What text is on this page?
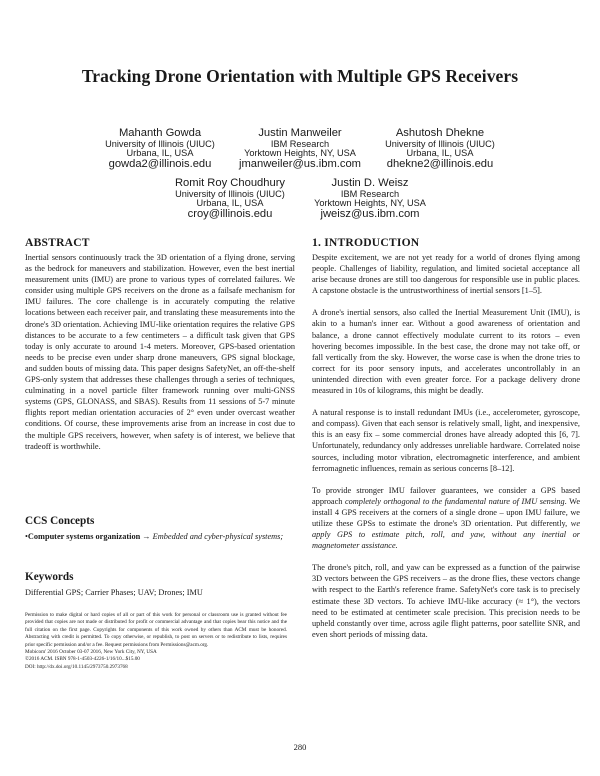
Tracking Drone Orientation with Multiple GPS Receivers
Mahanth Gowda
University of Illinois (UIUC)
Urbana, IL, USA
gowda2@illinois.edu
Justin Manweiler
IBM Research
Yorktown Heights, NY, USA
jmanweiler@us.ibm.com
Ashutosh Dhekne
University of Illinois (UIUC)
Urbana, IL, USA
dhekne2@illinois.edu
Romit Roy Choudhury
University of Illinois (UIUC)
Urbana, IL, USA
croy@illinois.edu
Justin D. Weisz
IBM Research
Yorktown Heights, NY, USA
jweisz@us.ibm.com
ABSTRACT

Inertial sensors continuously track the 3D orientation of a flying drone, serving as the bedrock for maneuvers and stabilization. However, even the best inertial measurement units (IMU) are prone to various types of correlated failures. We consider using multiple GPS receivers on the drone as a failsafe mechanism for IMU failures. The core challenge is in accurately computing the relative locations between each receiver pair, and translating these measurements into the drone's 3D orientation. Achieving IMU-like orientation requires the relative GPS distances to be accurate to a few centimeters – a difficult task given that GPS today is only accurate to around 1-4 meters. Moreover, GPS-based orientation needs to be precise even under sharp drone maneuvers, GPS signal blockage, and sudden bouts of missing data. This paper designs SafetyNet, an off-the-shelf GPS-only system that addresses these challenges through a series of techniques, culminating in a novel particle filter framework running over multi-GNSS systems (GPS, GLONASS, and SBAS). Results from 11 sessions of 5-7 minute flights report median orientation accuracies of 2° even under overcast weather conditions. Of course, these improvements arise from an increase in cost due to the multiple GPS receivers, however, when safety is of interest, we believe that tradeoff is worthwhile.

CCS Concepts

•Computer systems organization → Embedded and cyber-physical systems;

Keywords

Differential GPS; Carrier Phases; UAV; Drones; IMU

Permission to make digital or hard copies of all or part of this work for personal or classroom use is granted without fee provided that copies are not made or distributed for profit or commercial advantage and that copies bear this notice and the full citation on the first page. Copyrights for components of this work owned by others than ACM must be honored. Abstracting with credit is permitted. To copy otherwise, or republish, to post on servers or to redistribute to lists, requires prior specific permission and/or a fee. Request permissions from Permissions@acm.org.

Mobicom' 2016 October 03-07 2016, New York City, NY, USA

©2016 ACM. ISBN 978-1-4503-4226-1/16/10...$15.00

DOI: http://dx.doi.org/10.1145/2973750.2973768

1. INTRODUCTION

Despite excitement, we are not yet ready for a world of drones flying among people. Challenges of liability, regulation, and limited societal acceptance all arise because drones are still too dangerous for responsible use in public places. A capstone obstacle is the untrustworthiness of inertial sensors [1–5].

A drone's inertial sensors, also called the Inertial Measurement Unit (IMU), is akin to a human's inner ear. Without a good awareness of orientation and balance, a drone cannot effectively modulate current to its rotors – even hovering becomes impossible. In the best case, the drone may not take off, or fall vertically from the sky. However, the worse case is when the drone tries to correct for its poor sensory inputs, and accelerates uncontrollably in an unintended direction with even greater force. For a package delivery drone measured in 10s of kilograms, this might be deadly.

A natural response is to install redundant IMUs (i.e., accelerometer, gyroscope, and compass). Given that each sensor is relatively small, light, and inexpensive, this is an easy fix – some commercial drones have already adopted this [6, 7]. Unfortunately, redundancy only addresses unreliable hardware. Correlated noise sources, including motor vibration, electromagnetic interference, and ambient ferromagnetic influences, remain as serious concerns [8–12].

To provide stronger IMU failover guarantees, we consider a GPS based approach completely orthogonal to the fundamental nature of IMU sensing. We install 4 GPS receivers at the corners of a single drone – upon IMU failure, we utilize these GPSs to estimate the drone's 3D orientation. Put differently, we apply GPS to estimate pitch, roll, and yaw, without any inertial or magnetometer assistance.

The drone's pitch, roll, and yaw can be expressed as a function of the pairwise 3D vectors between the GPS receivers – as the drone flies, these vectors change with respect to the Earth's reference frame. SafetyNet's core task is to precisely estimate these 3D vectors. To achieve IMU-like accuracy (≈ 1°), the vectors need to be estimated at centimeter scale precision. This precision needs to be upheld constantly over time, across agile flight patterns, poor satellite SNR, and even short periods of missing data.

280
